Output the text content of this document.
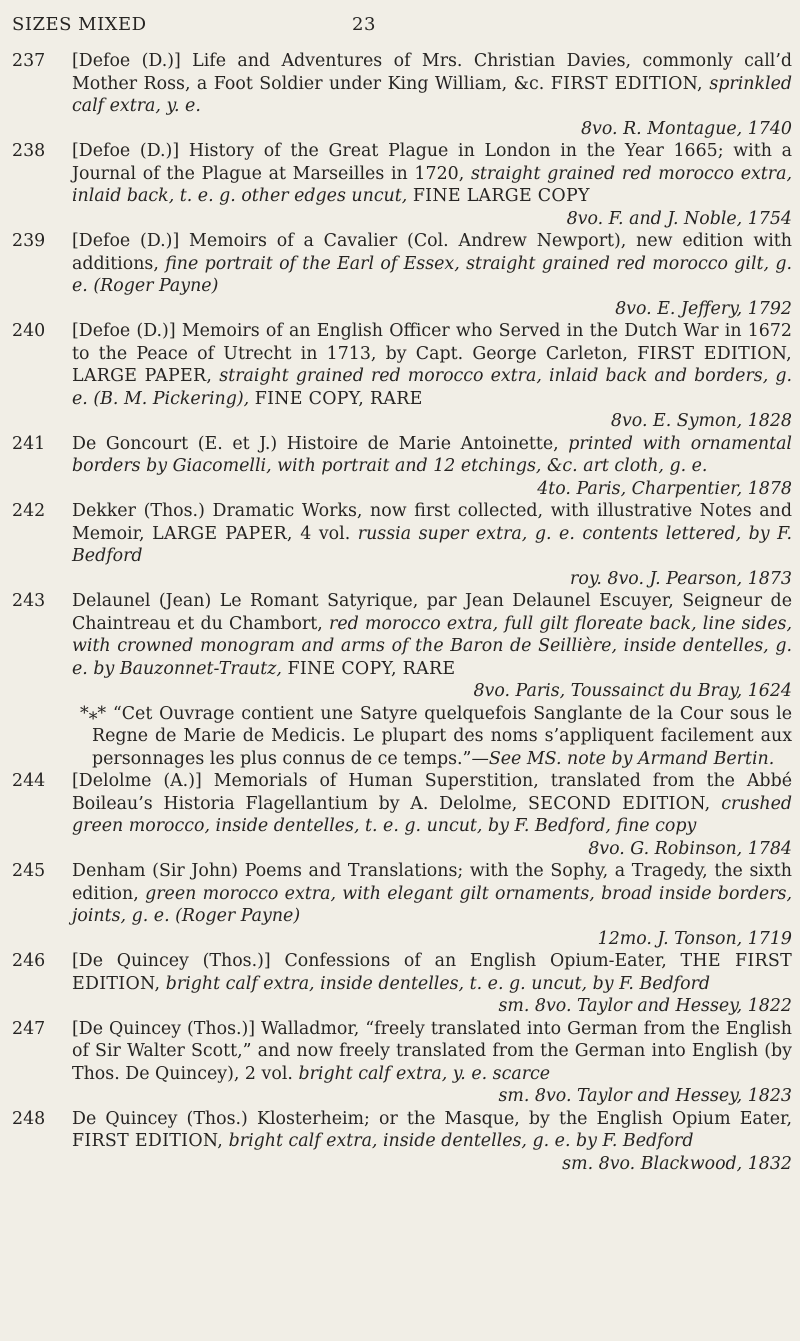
SIZES MIXED	23
237 [Defoe (D.)] Life and Adventures of Mrs. Christian Davies, commonly call’d Mother Ross, a Foot Soldier under King William, &c. FIRST EDITION, sprinkled calf extra, y. e.
8vo. R. Montague, 1740

238 [Defoe (D.)] History of the Great Plague in London in the Year 1665; with a Journal of the Plague at Marseilles in 1720, straight grained red morocco extra, inlaid back, t. e. g. other edges uncut, FINE LARGE COPY
8vo. F. and J. Noble, 1754

239 [Defoe (D.)] Memoirs of a Cavalier (Col. Andrew Newport), new edition with additions, fine portrait of the Earl of Essex, straight grained red morocco gilt, g. e. (Roger Payne)
8vo. E. Jeffery, 1792

240 [Defoe (D.)] Memoirs of an English Officer who Served in the Dutch War in 1672 to the Peace of Utrecht in 1713, by Capt. George Carleton, FIRST EDITION, LARGE PAPER, straight grained red morocco extra, inlaid back and borders, g. e. (B. M. Pickering), FINE COPY, RARE
8vo. E. Symon, 1828

241 De Goncourt (E. et J.) Histoire de Marie Antoinette, printed with ornamental borders by Giacomelli, with portrait and 12 etchings, &c. art cloth, g. e.
4to. Paris, Charpentier, 1878

242 Dekker (Thos.) Dramatic Works, now first collected, with illustrative Notes and Memoir, LARGE PAPER, 4 vol. russia super extra, g. e. contents lettered, by F. Bedford
roy. 8vo. J. Pearson, 1873

243 Delaunel (Jean) Le Romant Satyrique, par Jean Delaunel Escuyer, Seigneur de Chaintreau et du Chambort, red morocco extra, full gilt floreate back, line sides, with crowned monogram and arms of the Baron de Seillière, inside dentelles, g. e. by Bauzonnet-Trautz, FINE COPY, RARE
8vo. Paris, Toussainct du Bray, 1624

*⁎* “Cet Ouvrage contient une Satyre quelquefois Sanglante de la Cour sous le Regne de Marie de Medicis. Le plupart des noms s’appliquent facilement aux personnages les plus connus de ce temps.”—See MS. note by Armand Bertin.
244 [Delolme (A.)] Memorials of Human Superstition, translated from the Abbé Boileau’s Historia Flagellantium by A. Delolme, SECOND EDITION, crushed green morocco, inside dentelles, t. e. g. uncut, by F. Bedford, fine copy
8vo. G. Robinson, 1784

245 Denham (Sir John) Poems and Translations; with the Sophy, a Tragedy, the sixth edition, green morocco extra, with elegant gilt ornaments, broad inside borders, joints, g. e. (Roger Payne)
12mo. J. Tonson, 1719

246 [De Quincey (Thos.)] Confessions of an English Opium-Eater, THE FIRST EDITION, bright calf extra, inside dentelles, t. e. g. uncut, by F. Bedford
sm. 8vo. Taylor and Hessey, 1822

247 [De Quincey (Thos.)] Walladmor, “freely translated into German from the English of Sir Walter Scott,” and now freely translated from the German into English (by Thos. De Quincey), 2 vol. bright calf extra, y. e. scarce
sm. 8vo. Taylor and Hessey, 1823

248 De Quincey (Thos.) Klosterheim; or the Masque, by the English Opium Eater, FIRST EDITION, bright calf extra, inside dentelles, g. e. by F. Bedford
sm. 8vo. Blackwood, 1832
